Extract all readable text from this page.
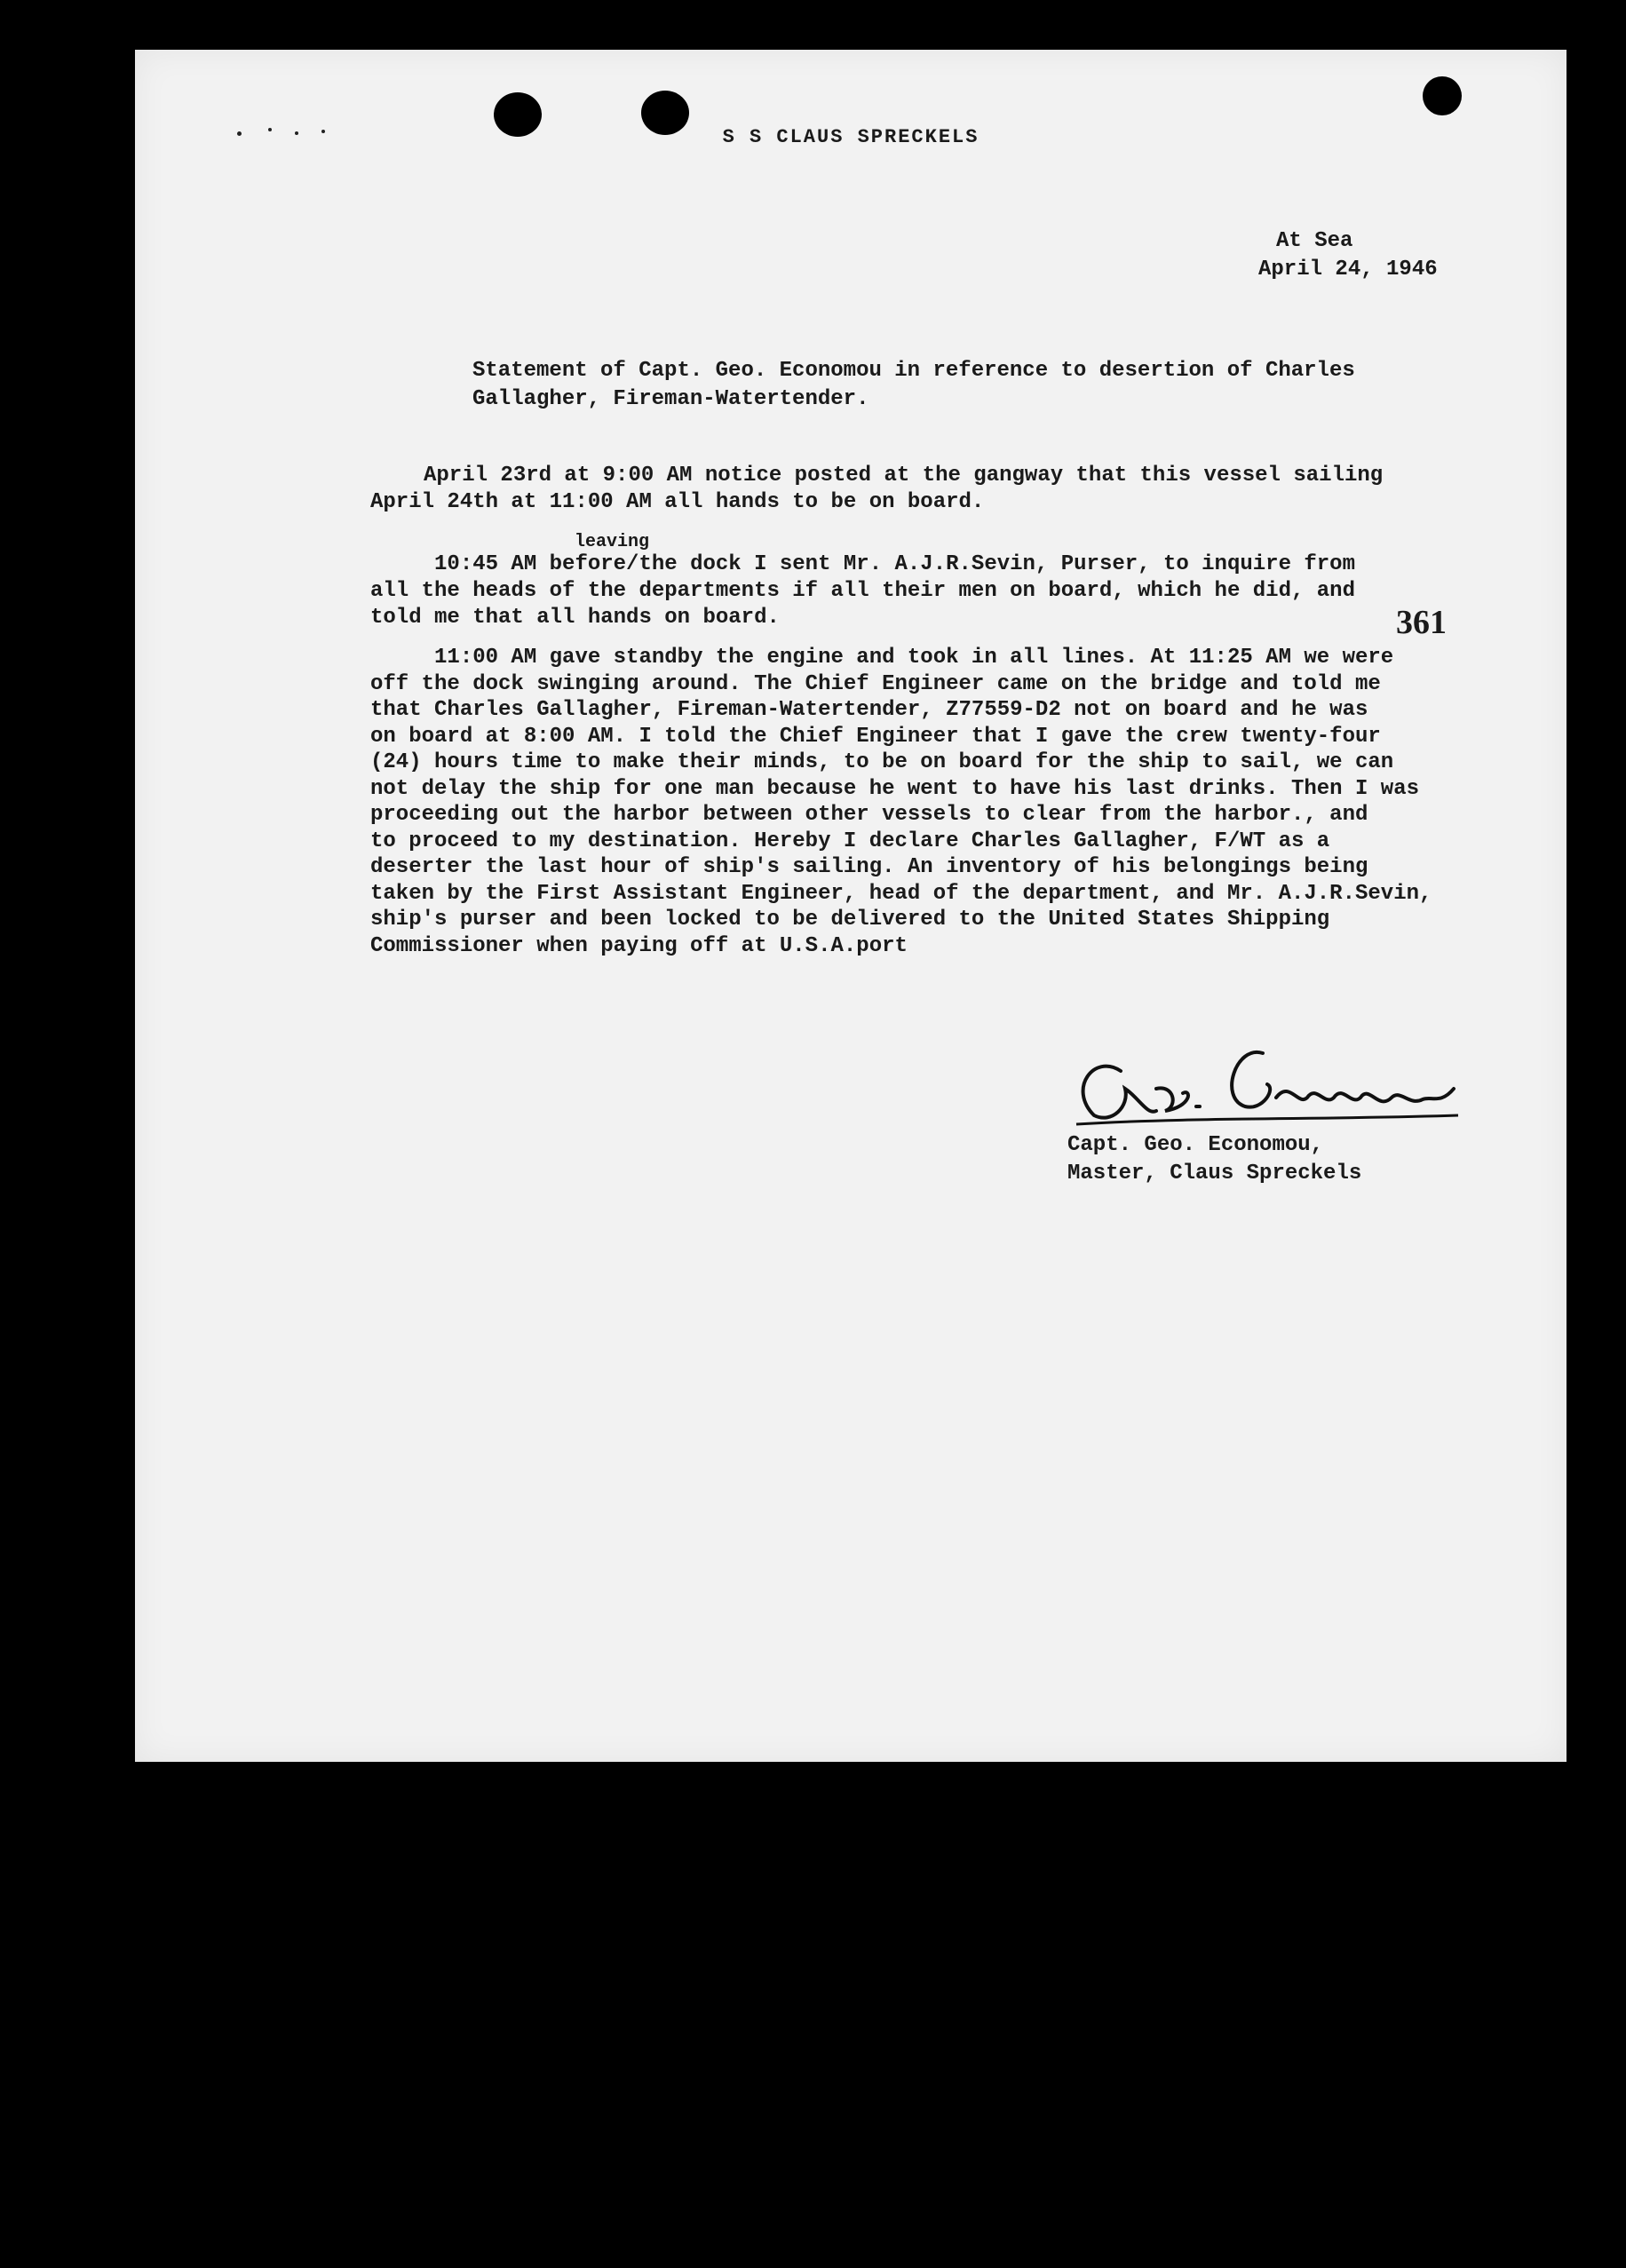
S S CLAUS SPRECKELS
At Sea
April 24, 1946
Statement of Capt. Geo. Economou in reference to desertion of Charles Gallagher, Fireman-Watertender.
April 23rd at 9:00 AM notice posted at the gangway that this vessel sailing
April 24th at 11:00 AM all hands to be on board.
leaving
10:45 AM before/the dock I sent Mr. A.J.R.Sevin, Purser, to inquire from
all the heads of the departments if all their men on board, which he did, and
told me that all hands on board.	361
11:00 AM gave standby the engine and took in all lines. At 11:25 AM we were
off the dock swinging around. The Chief Engineer came on the bridge and told me
that Charles Gallagher, Fireman-Watertender, Z77559-D2 not on board and he was
on board at 8:00 AM. I told the Chief Engineer that I gave the crew twenty-four
(24) hours time to make their minds, to be on board for the ship to sail, we can
not delay the ship for one man because he went to have his last drinks. Then I was
proceeding out the harbor between other vessels to clear from the harbor., and
to proceed to my destination. Hereby I declare Charles Gallagher, F/WT as a
deserter the last hour of ship's sailing. An inventory of his belongings being
taken by the First Assistant Engineer, head of the department, and Mr. A.J.R.Sevin,
ship's purser and been locked to be delivered to the United States Shipping
Commissioner when paying off at U.S.A.port
Capt. Geo. Economou,
Master, Claus Spreckels
